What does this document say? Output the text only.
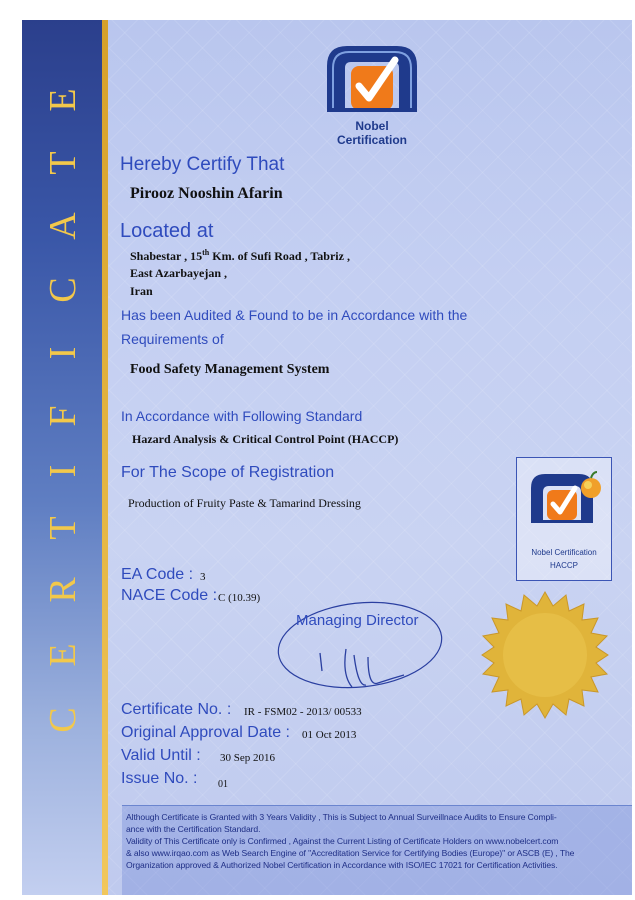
E
T
A
C
I
F
I
T
R
E
C
Nobel
Certification
Hereby Certify That
Pirooz Nooshin Afarin
Located at
Shabestar , 15th Km. of Sufi Road , Tabriz ,
East Azarbayejan ,
Iran
Has been Audited & Found to be in Accordance with the
Requirements of
Food Safety Management System
In Accordance with Following Standard
Hazard Analysis & Critical Control Point (HACCP)
For The Scope of Registration
Production of Fruity Paste & Tamarind Dressing
Nobel Certification
HACCP
EA Code : 3
NACE Code : C (10.39)
Managing Director
Certificate No. : IR - FSM02 - 2013/ 00533
Original Approval Date : 01 Oct 2013
Valid Until : 30 Sep 2016
Issue No. : 01
Although Certificate is Granted with 3 Years Validity , This is Subject to Annual Surveillnace Audits to Ensure Compli-
ance with the Certification Standard.
Validity of This Certificate only is Confirmed , Against the Current Listing of Certificate Holders on www.nobelcert.com
& also www.irqao.com as Web Search Engine of "Accreditation Service for Certifying Bodies (Europe)" or ASCB (E) , The
Organization approved & Authorized Nobel Certification in Accordance with ISO/IEC 17021 for Certification Activities.
